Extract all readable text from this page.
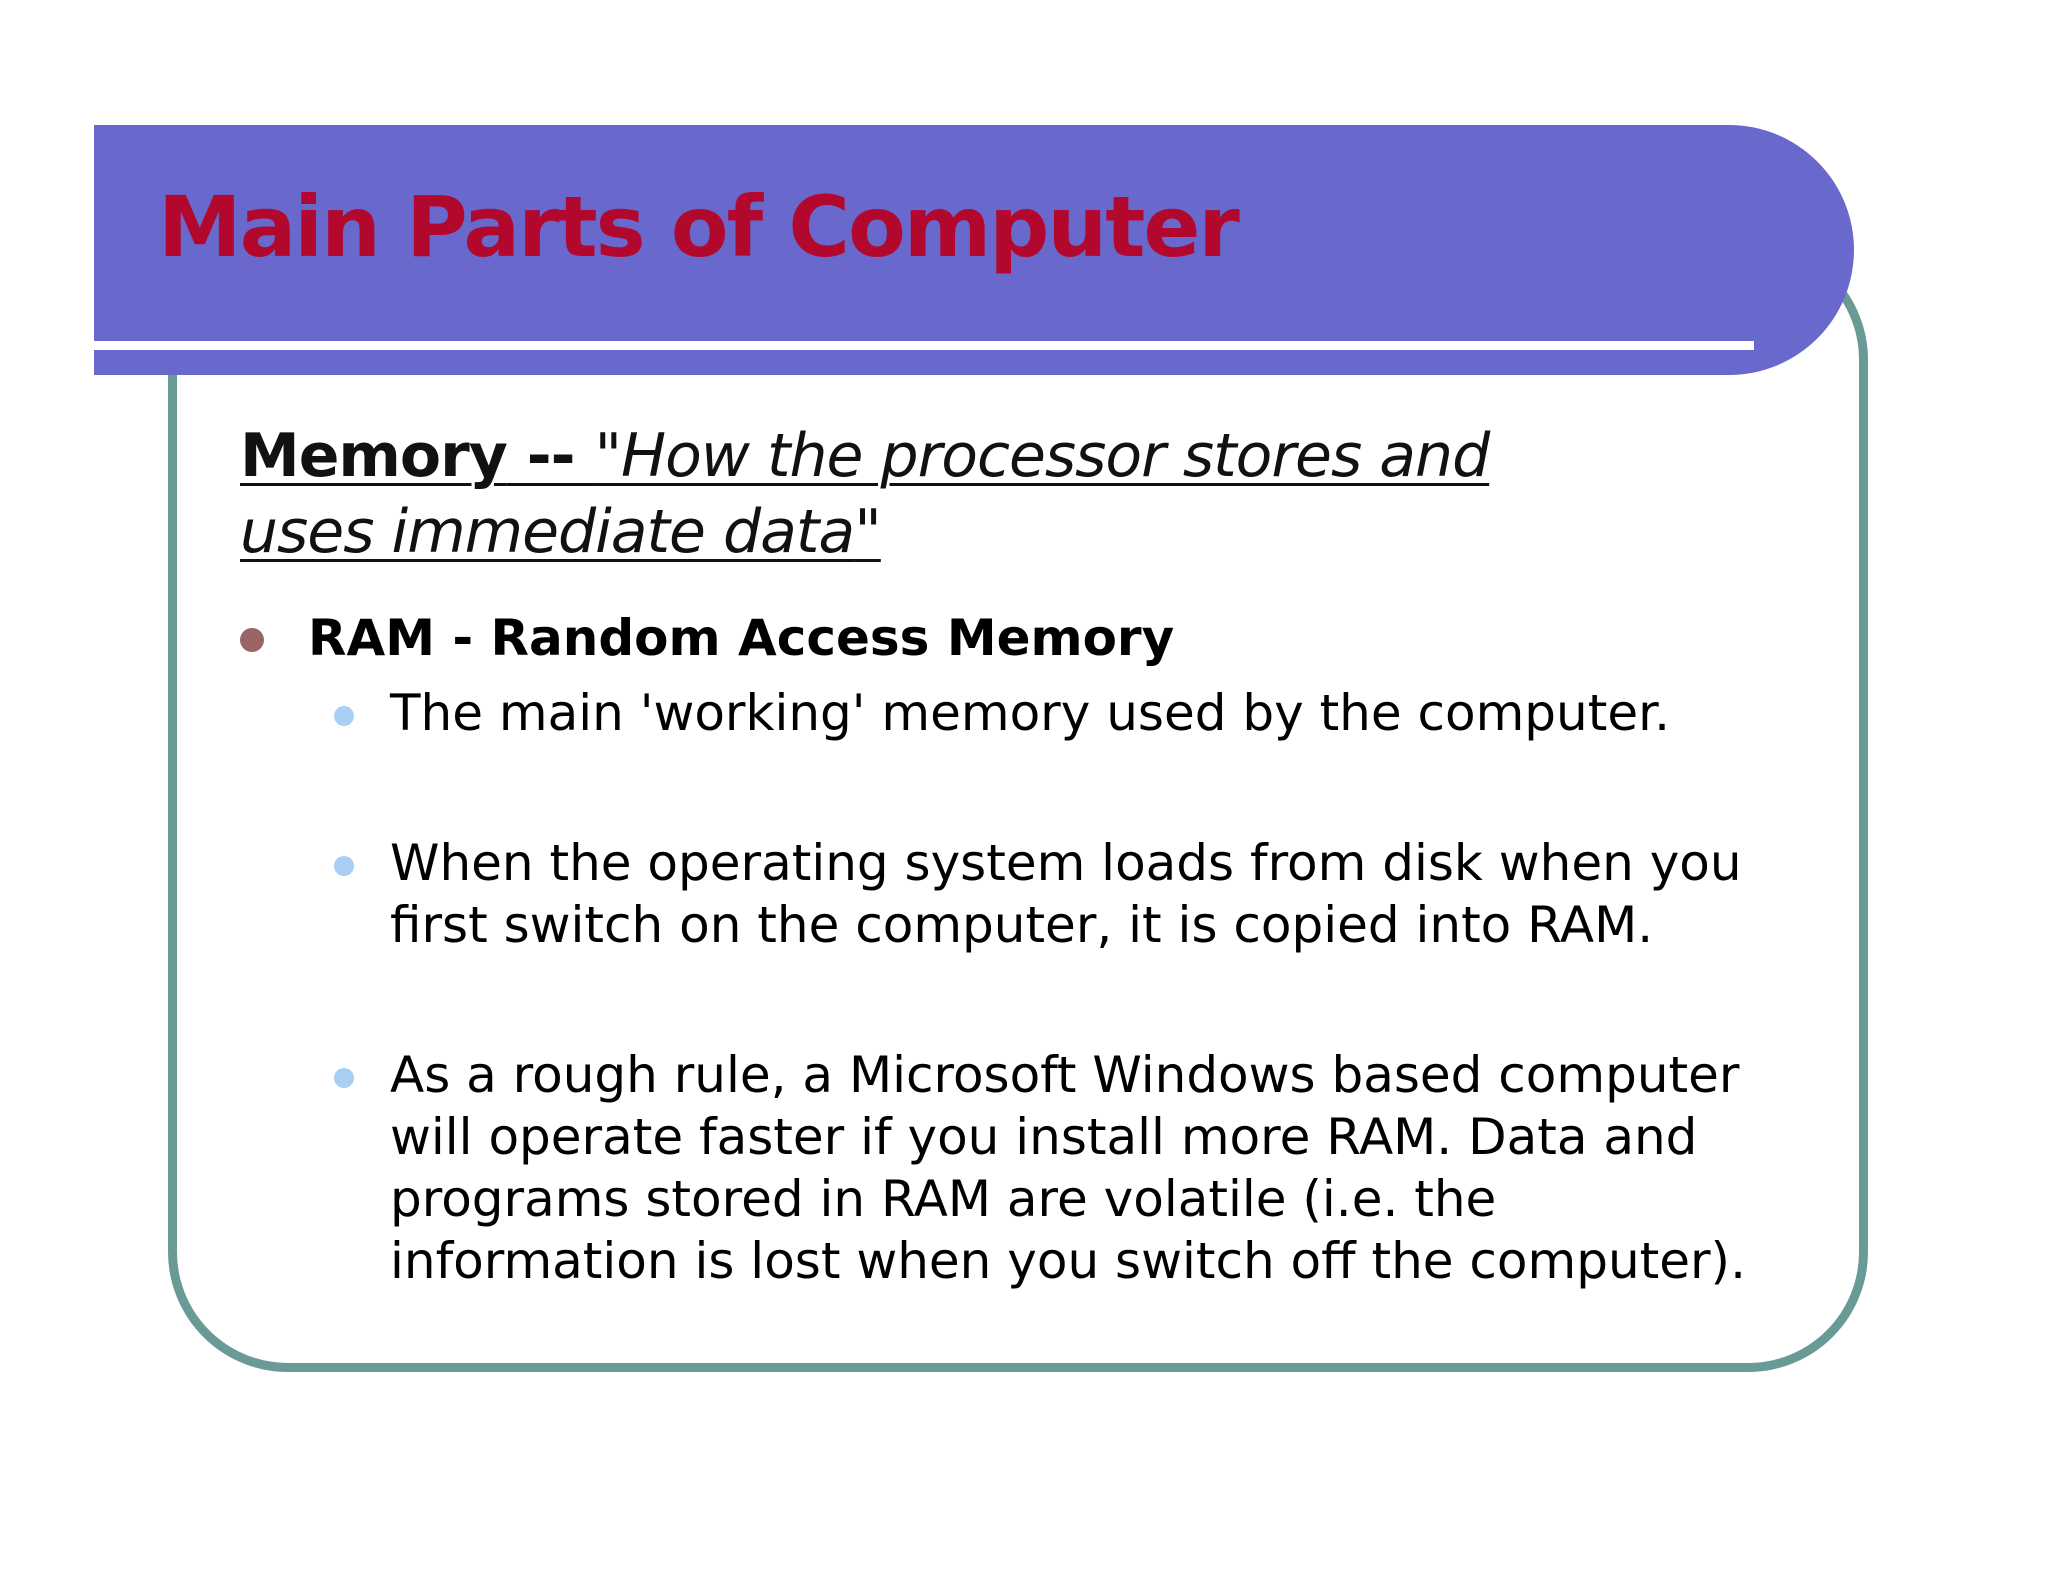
Main Parts of Computer
Memory -- "How the processor stores and uses immediate data"
RAM - Random Access Memory
The main 'working' memory used by the computer.
When the operating system loads from disk when you first switch on the computer, it is copied into RAM.
As a rough rule, a Microsoft Windows based computer will operate faster if you install more RAM. Data and programs stored in RAM are volatile (i.e. the information is lost when you switch off the computer).
